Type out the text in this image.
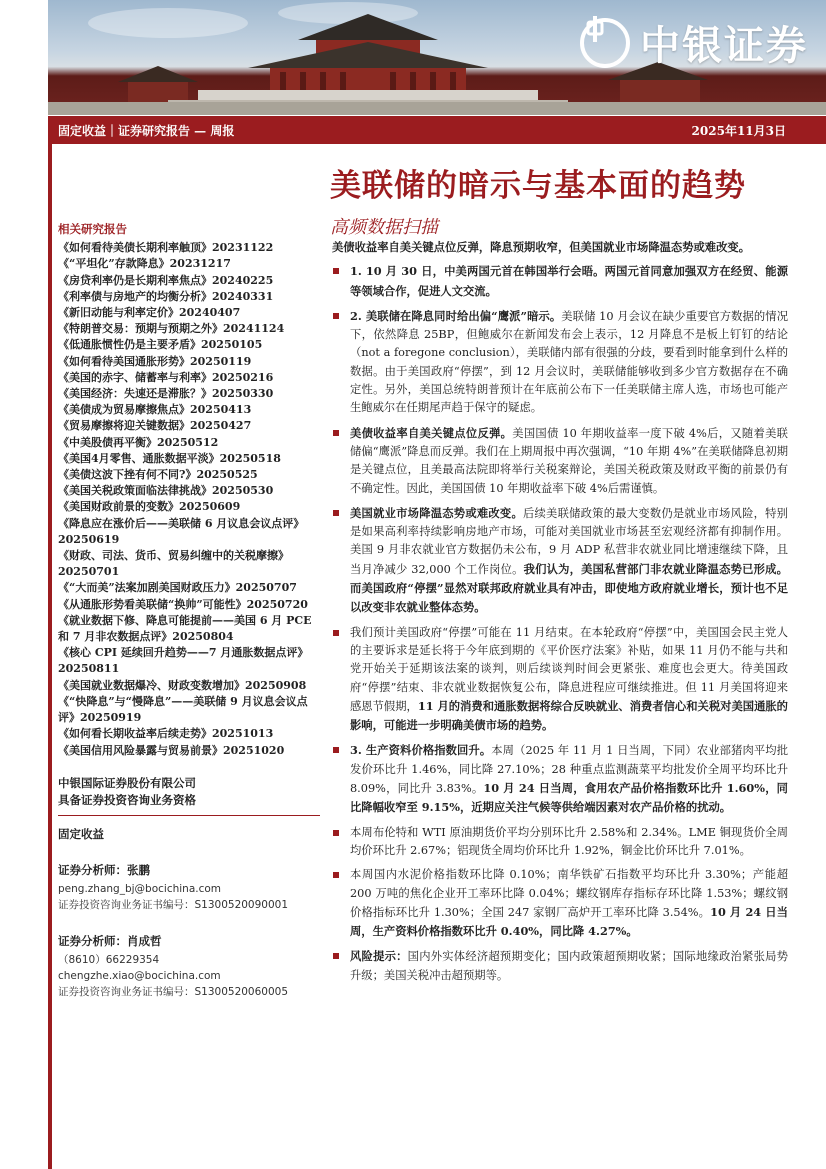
中银证券
固定收益｜证券研究报告 — 周报	2025年11月3日
美联储的暗示与基本面的趋势
高频数据扫描
相关研究报告
《如何看待美债长期利率触顶》20231122
《“平坦化”存款降息》20231217
《房贷利率仍是长期利率焦点》20240225
《利率债与房地产的均衡分析》20240331
《新旧动能与利率定价》20240407
《特朗普交易：预期与预期之外》20241124
《低通胀惯性仍是主要矛盾》20250105
《如何看待美国通胀形势》20250119
《美国的赤字、储蓄率与利率》20250216
《美国经济：失速还是滞胀？》20250330
《美债成为贸易摩擦焦点》20250413
《贸易摩擦将迎关键数据》20250427
《中美股债再平衡》20250512
《美国4月零售、通胀数据平淡》20250518
《美债这波下挫有何不同?》20250525
《美国关税政策面临法律挑战》20250530
《美国财政前景的变数》20250609
《降息应在涨价后——美联储 6 月议息会议点评》20250619
《财政、司法、货币、贸易纠缠中的关税摩擦》20250701
《“大而美”法案加剧美国财政压力》20250707
《从通胀形势看美联储“换帅”可能性》20250720
《就业数据下修、降息可能提前——美国 6 月 PCE和 7 月非农数据点评》20250804
《核心 CPI 延续回升趋势——7 月通胀数据点评》20250811
《美国就业数据爆冷、财政变数增加》20250908
《“快降息”与“慢降息”——美联储 9 月议息会议点评》20250919
《如何看长期收益率后续走势》20251013
《美国信用风险暴露与贸易前景》20251020
中银国际证券股份有限公司
具备证券投资咨询业务资格
固定收益
证券分析师：张鹏
peng.zhang_bj@bocichina.com
证券投资咨询业务证书编号：S1300520090001
证券分析师：肖成哲
（8610）66229354
chengzhe.xiao@bocichina.com
证券投资咨询业务证书编号：S1300520060005
美债收益率自美关键点位反弹，降息预期收窄，但美国就业市场降温态势或难改变。
1. 10 月 30 日，中美两国元首在韩国举行会晤。两国元首同意加强双方在经贸、能源等领域合作，促进人文交流。
2. 美联储在降息同时给出偏“鹰派”暗示。美联储 10 月会议在缺少重要官方数据的情况下，依然降息 25BP，但鲍威尔在新闻发布会上表示，12 月降息不是板上钉钉的结论（not a foregone conclusion），美联储内部有很强的分歧，要看到时能拿到什么样的数据。由于美国政府“停摆”，到 12 月会议时，美联储能够收到多少官方数据存在不确定性。另外，美国总统特朗普预计在年底前公布下一任美联储主席人选，市场也可能产生鲍威尔在任期尾声趋于保守的疑虑。
美债收益率自美关键点位反弹。美国国债 10 年期收益率一度下破 4%后，又随着美联储偏“鹰派”降息而反弹。我们在上期周报中再次强调，“10 年期 4%”在美联储降息初期是关键点位，且美最高法院即将举行关税案辩论，美国关税政策及财政平衡的前景仍有不确定性。因此，美国国债 10 年期收益率下破 4%后需谨慎。
美国就业市场降温态势或难改变。后续美联储政策的最大变数仍是就业市场风险，特别是如果高利率持续影响房地产市场，可能对美国就业市场甚至宏观经济都有抑制作用。美国 9 月非农就业官方数据仍未公布，9 月 ADP 私营非农就业同比增速继续下降，且当月净减少 32,000 个工作岗位。我们认为，美国私营部门非农就业降温态势已形成。而美国政府“停摆”显然对联邦政府就业具有冲击，即使地方政府就业增长，预计也不足以改变非农就业整体态势。
我们预计美国政府“停摆”可能在 11 月结束。在本轮政府“停摆”中，美国国会民主党人的主要诉求是延长将于今年底到期的《平价医疗法案》补贴，如果 11 月仍不能与共和党开始关于延期该法案的谈判，则后续谈判时间会更紧张、难度也会更大。待美国政府“停摆”结束、非农就业数据恢复公布，降息进程应可继续推进。但 11 月美国将迎来感恩节假期，11 月的消费和通胀数据将综合反映就业、消费者信心和关税对美国通胀的影响，可能进一步明确美债市场的趋势。
3. 生产资料价格指数回升。本周（2025 年 11 月 1 日当周，下同）农业部猪肉平均批发价环比升 1.46%，同比降 27.10%；28 种重点监测蔬菜平均批发价全周平均环比升 8.09%，同比升 3.83%。10 月 24 日当周，食用农产品价格指数环比升 1.60%，同比降幅收窄至 9.15%，近期应关注气候等供给端因素对农产品价格的扰动。
本周布伦特和 WTI 原油期货价平均分别环比升 2.58%和 2.34%。LME 铜现货价全周均价环比升 2.67%；铝现货全周均价环比升 1.92%，铜金比价环比升 7.01%。
本周国内水泥价格指数环比降 0.10%；南华铁矿石指数平均环比升 3.30%；产能超 200 万吨的焦化企业开工率环比降 0.04%；螺纹钢库存指标存环比降 1.53%；螺纹钢价格指标环比升 1.30%；全国 247 家钢厂高炉开工率环比降 3.54%。10 月 24 日当周，生产资料价格指数环比升 0.40%，同比降 4.27%。
风险提示：国内外实体经济超预期变化；国内政策超预期收紧；国际地缘政治紧张局势升级；美国关税冲击超预期等。
